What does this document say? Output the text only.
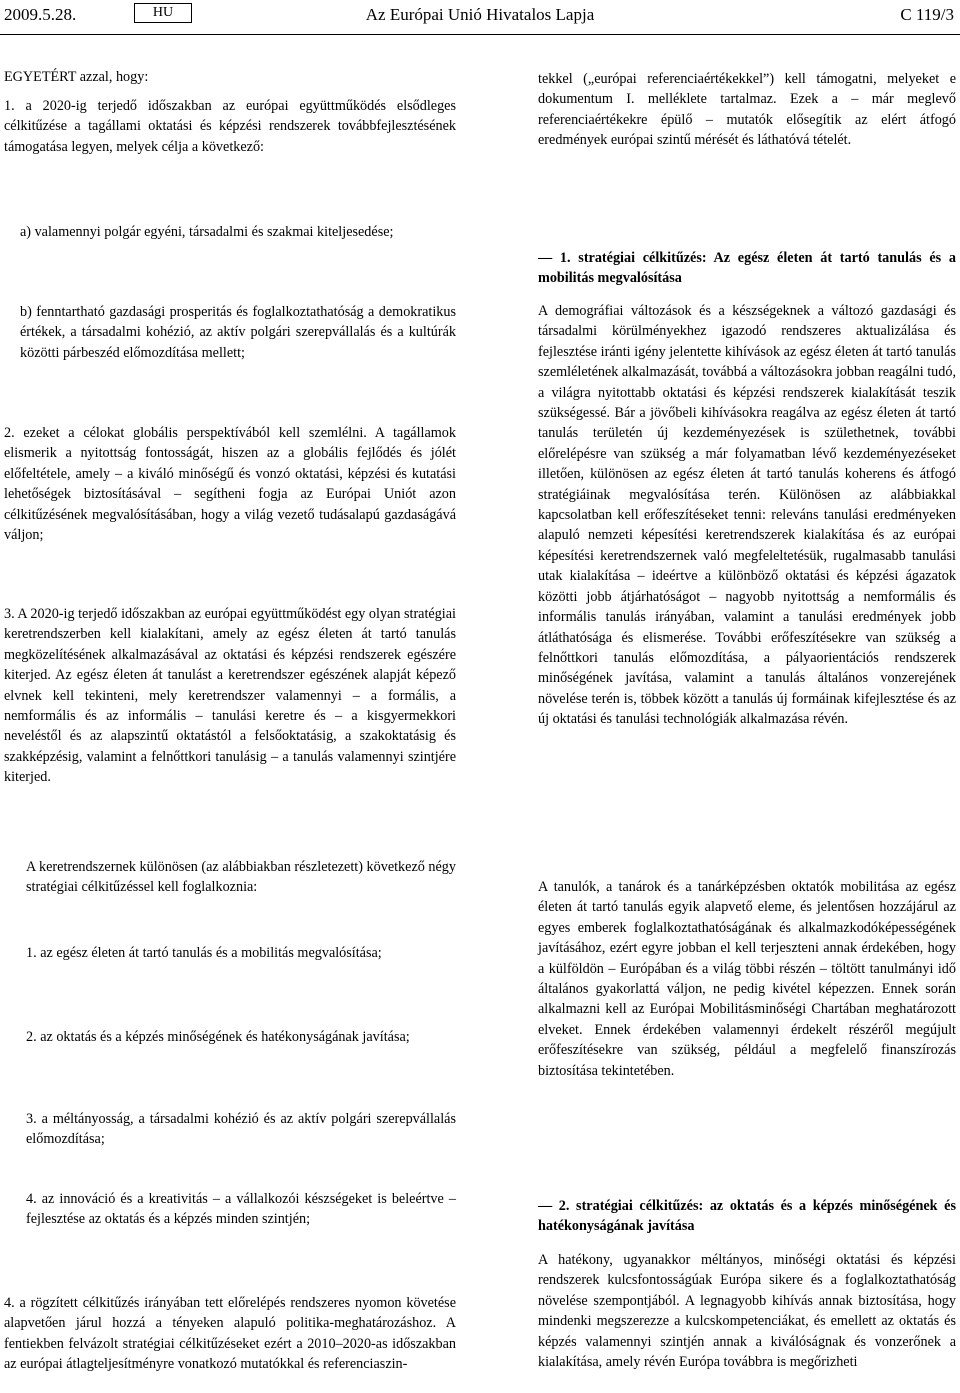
2009.5.28.	HU	Az Európai Unió Hivatalos Lapja	C 119/3

EGYETÉRT azzal, hogy:

1. a 2020-ig terjedő időszakban az európai együttműködés elsődleges célkitűzése a tagállami oktatási és képzési rendszerek továbbfejlesztésének támogatása legyen, melyek célja a következő:

a) valamennyi polgár egyéni, társadalmi és szakmai kiteljesedése;

b) fenntartható gazdasági prosperitás és foglalkoztathatóság a demokratikus értékek, a társadalmi kohézió, az aktív polgári szerepvállalás és a kultúrák közötti párbeszéd előmozdítása mellett;

2. ezeket a célokat globális perspektívából kell szemlélni. A tagállamok elismerik a nyitottság fontosságát, hiszen az a globális fejlődés és jólét előfeltétele, amely – a kiváló minőségű és vonzó oktatási, képzési és kutatási lehetőségek biztosításával – segítheni fogja az Európai Uniót azon célkitűzésének megvalósításában, hogy a világ vezető tudásalapú gazdaságává váljon;

3. A 2020-ig terjedő időszakban az európai együttműködést egy olyan stratégiai keretrendszerben kell kialakítani, amely az egész életen át tartó tanulás megközelítésének alkalmazásával az oktatási és képzési rendszerek egészére kiterjed. Az egész életen át tanulást a keretrendszer egészének alapját képező elvnek kell tekinteni, mely keretrendszer valamennyi – a formális, a nemformális és az informális – tanulási keretre és – a kisgyermekkori neveléstől és az alapszintű oktatástól a felsőoktatásig, a szakoktatásig és szakképzésig, valamint a felnőttkori tanulásig – a tanulás valamennyi szintjére kiterjed.

A keretrendszernek különösen (az alábbiakban részletezett) következő négy stratégiai célkitűzéssel kell foglalkoznia:

1. az egész életen át tartó tanulás és a mobilitás megvalósítása;

2. az oktatás és a képzés minőségének és hatékonyságának javítása;

3. a méltányosság, a társadalmi kohézió és az aktív polgári szerepvállalás előmozdítása;

4. az innováció és a kreativitás – a vállalkozói készségeket is beleértve – fejlesztése az oktatás és a képzés minden szintjén;

4. a rögzített célkitűzés irányában tett előrelépés rendszeres nyomon követése alapvetően járul hozzá a tényeken alapuló politika-meghatározáshoz. A fentiekben felvázolt stratégiai célkitűzéseket ezért a 2010–2020-as időszakban az európai átlagteljesítményre vonatkozó mutatókkal és referenciaszin-

tekkel („európai referenciaértékekkel”) kell támogatni, melyeket e dokumentum I. melléklete tartalmaz. Ezek a – már meglevő referenciaértékekre épülő – mutatók elősegítik az elért átfogó eredmények európai szintű mérését és láthatóvá tételét.

— 1. stratégiai célkitűzés: Az egész életen át tartó tanulás és a mobilitás megvalósítása

A demográfiai változások és a készségeknek a változó gazdasági és társadalmi körülményekhez igazodó rendszeres aktualizálása és fejlesztése iránti igény jelentette kihívások az egész életen át tartó tanulás szemléletének alkalmazását, továbbá a változásokra jobban reagálni tudó, a világra nyitottabb oktatási és képzési rendszerek kialakítását teszik szükségessé. Bár a jövőbeli kihívásokra reagálva az egész életen át tartó tanulás területén új kezdeményezések is születhetnek, további előrelépésre van szükség a már folyamatban lévő kezdeményezéseket illetően, különösen az egész életen át tartó tanulás koherens és átfogó stratégiáinak megvalósítása terén. Különösen az alábbiakkal kapcsolatban kell erőfeszítéseket tenni: releváns tanulási eredményeken alapuló nemzeti képesítési keretrendszerek kialakítása és az európai képesítési keretrendszernek való megfeleltetésük, rugalmasabb tanulási utak kialakítása – ideértve a különböző oktatási és képzési ágazatok közötti jobb átjárhatóságot – nagyobb nyitottság a nemformális és informális tanulás irányában, valamint a tanulási eredmények jobb átláthatósága és elismerése. További erőfeszítésekre van szükség a felnőttkori tanulás előmozdítása, a pályaorientációs rendszerek minőségének javítása, valamint a tanulás általános vonzerejének növelése terén is, többek között a tanulás új formáinak kifejlesztése és az új oktatási és tanulási technológiák alkalmazása révén.

A tanulók, a tanárok és a tanárképzésben oktatók mobilitása az egész életen át tartó tanulás egyik alapvető eleme, és jelentősen hozzájárul az egyes emberek foglalkoztathatóságának és alkalmazkodóképességének javításához, ezért egyre jobban el kell terjeszteni annak érdekében, hogy a külföldön – Európában és a világ többi részén – töltött tanulmányi idő általános gyakorlattá váljon, ne pedig kivétel képezzen. Ennek során alkalmazni kell az Európai Mobilitásminőségi Chartában meghatározott elveket. Ennek érdekében valamennyi érdekelt részéről megújult erőfeszítésekre van szükség, például a megfelelő finanszírozás biztosítása tekintetében.

— 2. stratégiai célkitűzés: az oktatás és a képzés minőségének és hatékonyságának javítása

A hatékony, ugyanakkor méltányos, minőségi oktatási és képzési rendszerek kulcsfontosságúak Európa sikere és a foglalkoztathatóság növelése szempontjából. A legnagyobb kihívás annak biztosítása, hogy mindenki megszerezze a kulcskompetenciákat, és emellett az oktatás és képzés valamennyi szintjén annak a kiválóságnak és vonzerőnek a kialakítása, amely révén Európa továbbra is megőrizheti
